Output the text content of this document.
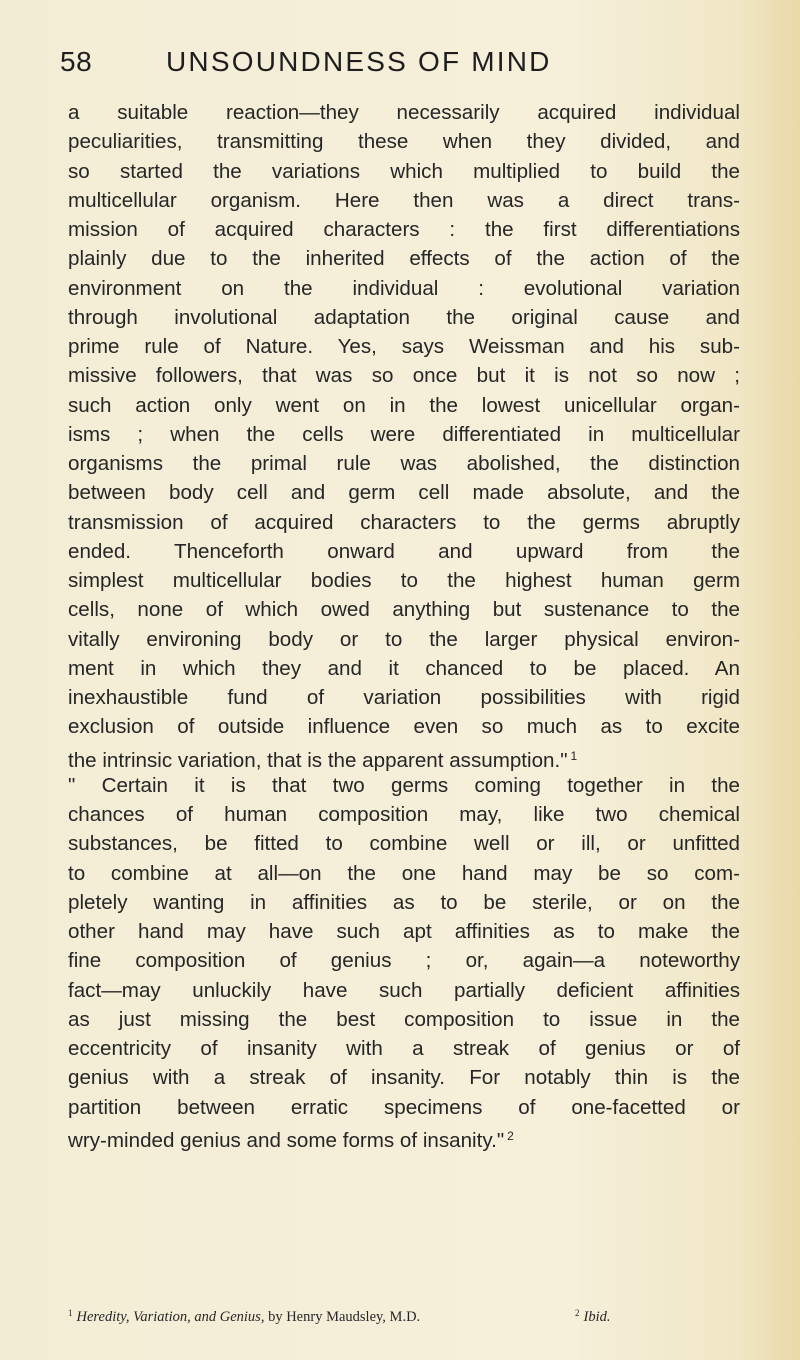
58	UNSOUNDNESS OF MIND
a suitable reaction—they necessarily acquired individual
peculiarities, transmitting these when they divided, and
so started the variations which multiplied to build the
multicellular organism. Here then was a direct trans-
mission of acquired characters : the first differentiations
plainly due to the inherited effects of the action of the
environment on the individual : evolutional variation
through involutional adaptation the original cause and
prime rule of Nature. Yes, says Weissman and his sub-
missive followers, that was so once but it is not so now ;
such action only went on in the lowest unicellular organ-
isms ; when the cells were differentiated in multicellular
organisms the primal rule was abolished, the distinction
between body cell and germ cell made absolute, and the
transmission of acquired characters to the germs abruptly
ended. Thenceforth onward and upward from the
simplest multicellular bodies to the highest human germ
cells, none of which owed anything but sustenance to the
vitally environing body or to the larger physical environ-
ment in which they and it chanced to be placed. An
inexhaustible fund of variation possibilities with rigid
exclusion of outside influence even so much as to excite
the intrinsic variation, that is the apparent assumption." $^1$
" Certain it is that two germs coming together in the
chances of human composition may, like two chemical
substances, be fitted to combine well or ill, or unfitted
to combine at all—on the one hand may be so com-
pletely wanting in affinities as to be sterile, or on the
other hand may have such apt affinities as to make the
fine composition of genius ; or, again—a noteworthy
fact—may unluckily have such partially deficient affinities
as just missing the best composition to issue in the
eccentricity of insanity with a streak of genius or of
genius with a streak of insanity. For notably thin is the
partition between erratic specimens of one-facetted or
wry-minded genius and some forms of insanity." $^2$
$^1$ Heredity, Variation, and Genius, by Henry Maudsley, M.D.	$^2$ Ibid.
